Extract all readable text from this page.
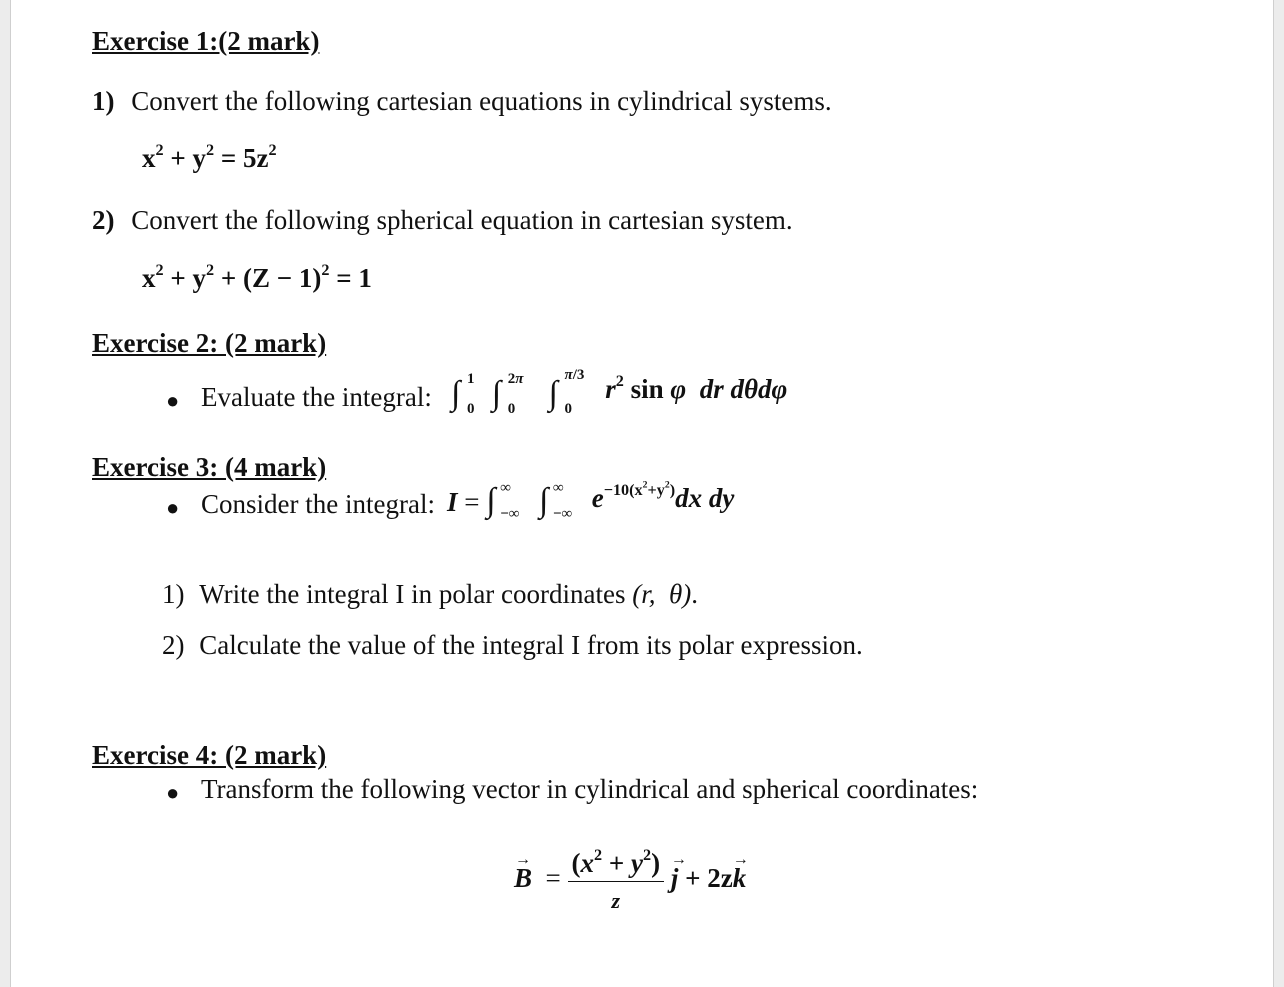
Exercise 1:(2 mark)
1) Convert the following cartesian equations in cylindrical systems.
$x^2 + y^2 = 5z^2$
2) Convert the following spherical equation in cartesian system.
$x^2 + y^2 + (Z - 1)^2 = 1$
Exercise 2: (2 mark)
● Evaluate the integral: ∫ 1
0 ∫ 2π
0 ∫ π/3
0
$r^2$ sin φ dr dθdφ
Exercise 3: (4 mark)
● Consider the integral: I = ∫ ∞
−∞ ∫ ∞
−∞
$e^{-10(x^2+y^2)}dx$ dy
1) Write the integral I in polar coordinates (r,  θ).
2) Calculate the value of the integral I from its polar expression.
Exercise 4: (2 mark)
● Transform the following vector in cylindrical and spherical coordinates:
→
$B = \frac{(x^2 + y^2)}{z}$
→
j + 2z
→
k
